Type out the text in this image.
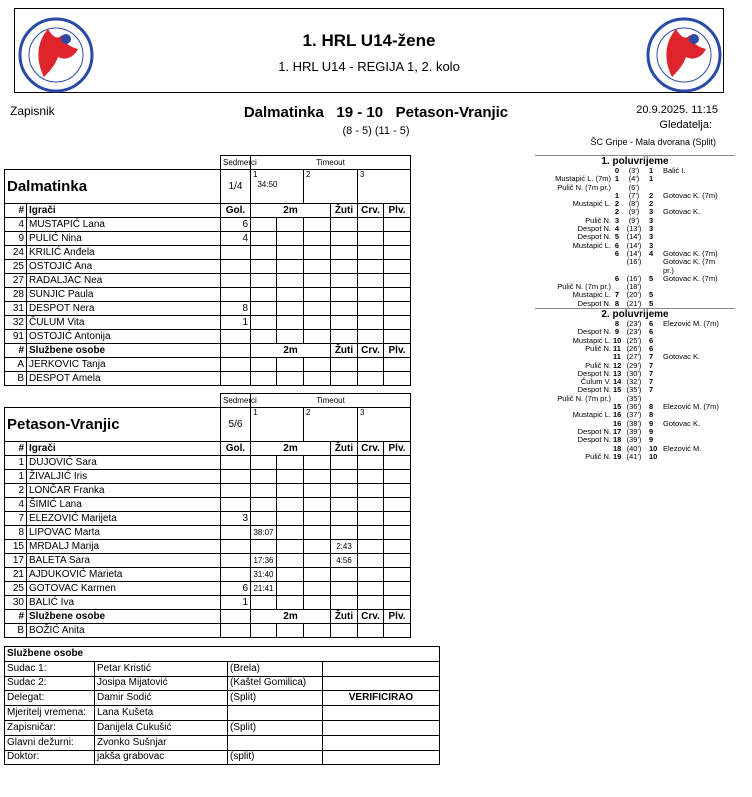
1. HRL U14-žene
1. HRL U14 - REGIJA 1, 2. kolo
Zapisnik	Dalmatinka 19 - 10 Petason-Vranjic
(8 - 5) (11 - 5)
20.9.2025. 11:15
Gledatelja:
ŠC Gripe - Mala dvorana (Split)
		Sedmerci	Timeout					
Dalmatinka		1/4	1
34:50		2		3	

#	Igrači	Gol.	2m			Žuti	Crv.	Plv.
4	MUSTAPIĆ Lana	6						
9	PULIĆ Nina	4						
24	KRILIĆ Anđela							
25	OSTOJIĆ Ana							
27	RADALJAC Nea							
28	SUNJIC Paula							
31	DESPOT Nera	8						
32	ČULUM Vita	1						
91	OSTOJIĆ Antonija							
#	Službene osobe		2m			Žuti	Crv.	Plv.
A	JERKOVIC Tanja							
B	DESPOT Amela							
		Sedmerci	Timeout					
Petason-Vranjic		5/6	1		2		3	

#	Igrači	Gol.	2m			Žuti	Crv.	Plv.
1	DUJOVIĆ Sara							
1	ŽIVALJIĆ Iris							
2	LONČAR Franka							
4	ŠIMIĆ Lana							
7	ELEZOVIĆ Marijeta	3						
8	LIPOVAC Marta		38:07					
15	MRDALJ Marija					2:43		
17	BALETA Sara		17:36			4:56		
21	AJDUKOVIĆ Marieta		31:40					
25	GOTOVAC Karmen	6	21:41					
30	BALIĆ Iva	1						
#	Službene osobe		2m			Žuti	Crv.	Plv.
B	BOŽIĆ Anita							
1. poluvrijeme
0	(3')	1 Balić I.
Mustapić L. (7m) 1	(4')	1
Pulič N. (7m pr.)	(6')
1	(7')	2 Gotovac K. (7m)
Mustapić L. 2	(8')	2
2	(9')	3 Gotovac K.
Pulič N. 3	(9')	3
Despot N. 4 (13') 3
Despot N. 5 (14') 3
Mustapić L. 6 (14') 3
6 (14') 4 Gotovac K. (7m)
(16')	Gotovac K. (7m
pr.)
6 (16') 5 Gotovac K. (7m)
Pulič N. (7m pr.) (18')
Mustapić L. 7 (20') 5
Despot N. 8 (21') 5
2. poluvrijeme
8 (23') 6 Elezović M. (7m)
Despot N. 9 (23') 6
Mustapić L. 10 (25') 6
Pulič N. 11 (26') 6
11 (27') 7 Gotovac K.
Pulič N. 12 (29') 7
Despot N. 13 (30') 7
Čulum V. 14 (32') 7
Despot N. 15 (35') 7
Pulič N. (7m pr.) (35')
15 (36') 8 Elezović M. (7m)
Mustapić L. 16 (37') 8
16 (38') 9 Gotovac K.
Despot N. 17 (39') 9
Despot N. 18 (39') 9
18 (40') 10 Elezović M.
Pulič N. 19 (41') 10
Službene osobe			
Sudac 1:	Petar Kristić	(Brela)	
Sudac 2:	Josipa Mijatović	(Kaštel Gomilica)	
Delegat:	Damir Sodić	(Split)	VERIFICIRAO
Mjeritelj vremena:	Lana Kušeta		
Zapisničar:	Danijela Cukušić	(Split)	
Glavni dežurni:	Zvonko Sušnjar		
Doktor:	jakša grabovac	(split)	
